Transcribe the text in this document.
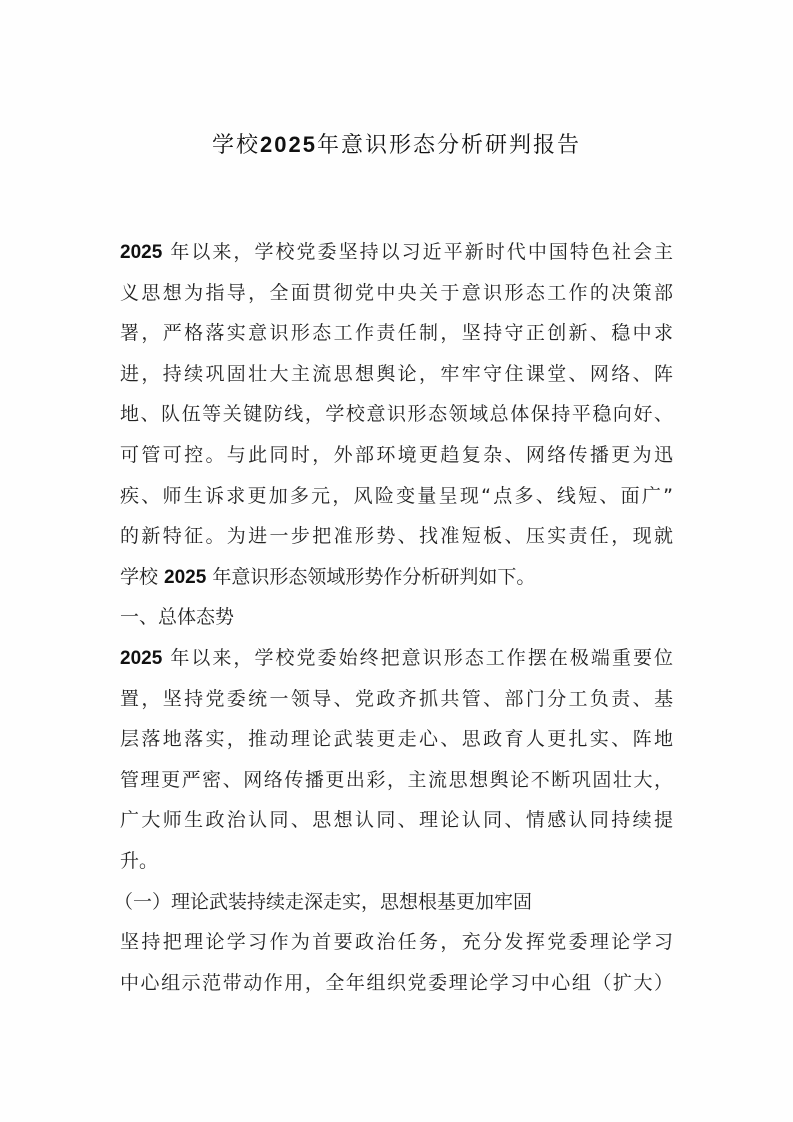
学校2025年意识形态分析研判报告
2025 年以来，学校党委坚持以习近平新时代中国特色社会主
义思想为指导，全面贯彻党中央关于意识形态工作的决策部
署，严格落实意识形态工作责任制，坚持守正创新、稳中求
进，持续巩固壮大主流思想舆论，牢牢守住课堂、网络、阵
地、队伍等关键防线，学校意识形态领域总体保持平稳向好、
可管可控。与此同时，外部环境更趋复杂、网络传播更为迅
疾、师生诉求更加多元，风险变量呈现“点多、线短、面广”
的新特征。为进一步把准形势、找准短板、压实责任，现就
学校 2025 年意识形态领域形势作分析研判如下。
一、总体态势
2025 年以来，学校党委始终把意识形态工作摆在极端重要位
置，坚持党委统一领导、党政齐抓共管、部门分工负责、基
层落地落实，推动理论武装更走心、思政育人更扎实、阵地
管理更严密、网络传播更出彩，主流思想舆论不断巩固壮大，
广大师生政治认同、思想认同、理论认同、情感认同持续提
升。
（一）理论武装持续走深走实，思想根基更加牢固
坚持把理论学习作为首要政治任务，充分发挥党委理论学习
中心组示范带动作用，全年组织党委理论学习中心组（扩大）
